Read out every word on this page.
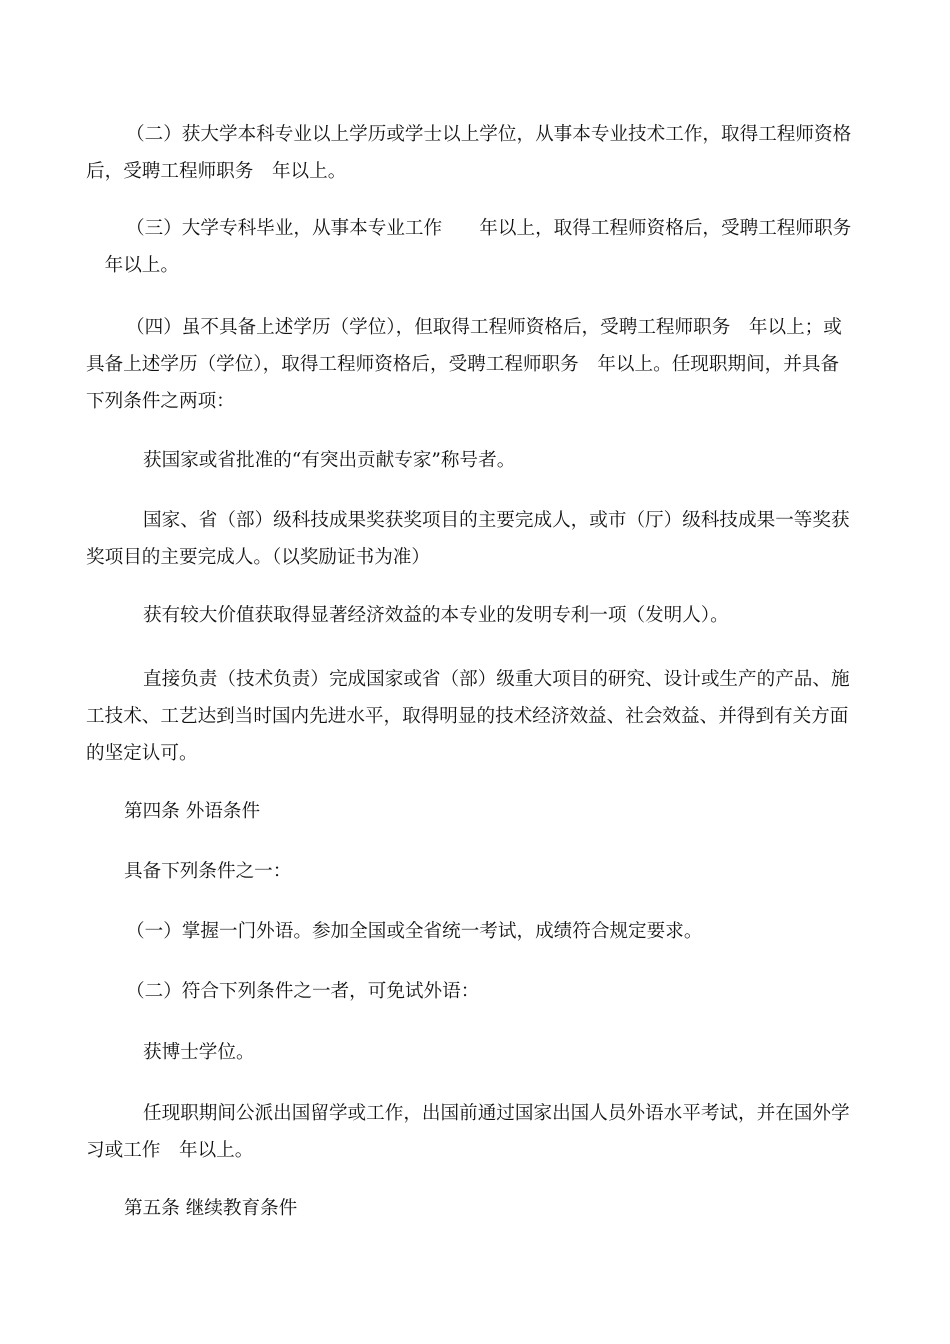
（二）获大学本科专业以上学历或学士以上学位，从事本专业技术工作，取得工程师资格
后，受聘工程师职务　年以上。
（三）大学专科毕业，从事本专业工作　　年以上，取得工程师资格后，受聘工程师职务
　年以上。
（四）虽不具备上述学历（学位），但取得工程师资格后，受聘工程师职务　年以上；或
具备上述学历（学位），取得工程师资格后，受聘工程师职务　年以上。任现职期间，并具备
下列条件之两项：
获国家或省批准的“有突出贡献专家”称号者。
国家、省（部）级科技成果奖获奖项目的主要完成人，或市（厅）级科技成果一等奖获
奖项目的主要完成人。（以奖励证书为准）
获有较大价值获取得显著经济效益的本专业的发明专利一项（发明人）。
直接负责（技术负责）完成国家或省（部）级重大项目的研究、设计或生产的产品、施
工技术、工艺达到当时国内先进水平，取得明显的技术经济效益、社会效益、并得到有关方面
的坚定认可。
第四条 外语条件
具备下列条件之一：
（一）掌握一门外语。参加全国或全省统一考试，成绩符合规定要求。
（二）符合下列条件之一者，可免试外语：
获博士学位。
任现职期间公派出国留学或工作，出国前通过国家出国人员外语水平考试，并在国外学
习或工作　年以上。
第五条 继续教育条件
